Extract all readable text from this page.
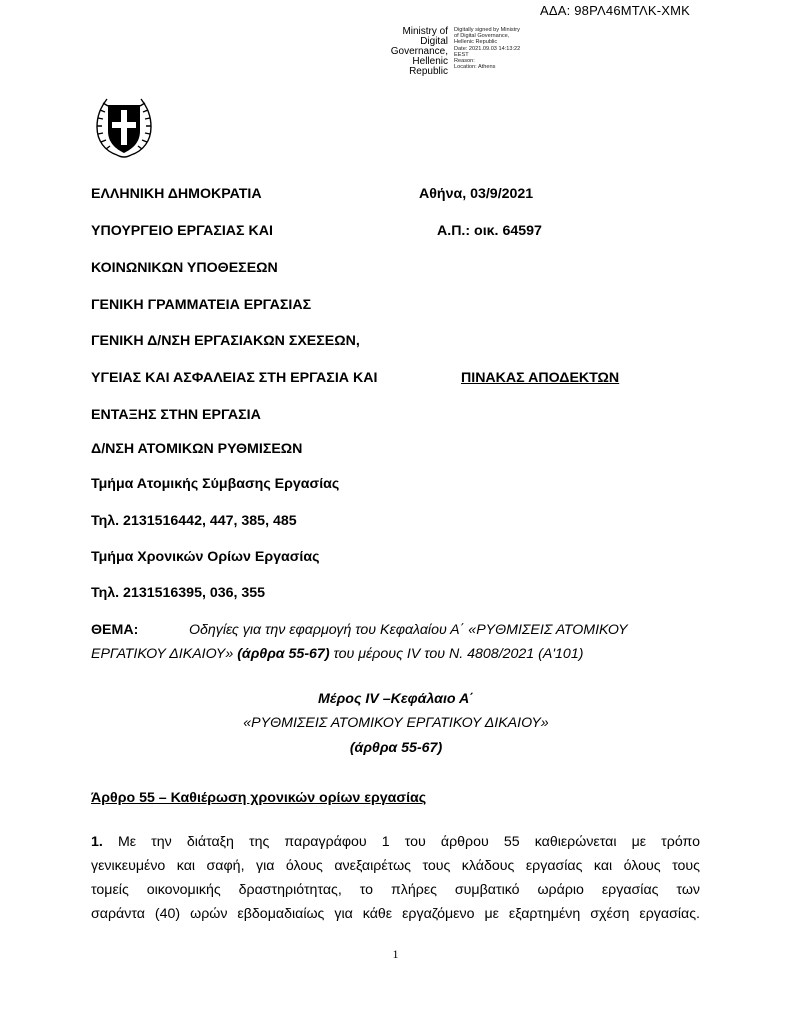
ΑΔΑ: 98ΡΛ46ΜΤΛΚ-ΧΜΚ
Ministry of Digital
Governance,
Hellenic Republic
Digitally signed by Ministry
of Digital Governance,
Hellenic Republic
Date: 2021.09.03 14:13:22
EEST
Reason:
Location: Athens
ΕΛΛΗΝΙΚΗ ΔΗΜΟΚΡΑΤΙΑ
ΥΠΟΥΡΓΕΙΟ ΕΡΓΑΣΙΑΣ ΚΑΙ
ΚΟΙΝΩΝΙΚΩΝ ΥΠΟΘΕΣΕΩΝ
ΓΕΝΙΚΗ ΓΡΑΜΜΑΤΕΙΑ ΕΡΓΑΣΙΑΣ
ΓΕΝΙΚΗ Δ/ΝΣΗ ΕΡΓΑΣΙΑΚΩΝ ΣΧΕΣΕΩΝ,
ΥΓΕΙΑΣ ΚΑΙ ΑΣΦΑΛΕΙΑΣ ΣΤΗ ΕΡΓΑΣΙΑ ΚΑΙ
ΕΝΤΑΞΗΣ ΣΤΗΝ ΕΡΓΑΣΙΑ
Δ/ΝΣΗ ΑΤΟΜΙΚΩΝ ΡΥΘΜΙΣΕΩΝ
Τμήμα Ατομικής Σύμβασης Εργασίας
Τηλ. 2131516442, 447, 385, 485
Τμήμα Χρονικών Ορίων Εργασίας
Τηλ. 2131516395, 036, 355
Αθήνα, 03/9/2021
Α.Π.: οικ. 64597
ΠΙΝΑΚΑΣ ΑΠΟΔΕΚΤΩΝ
ΘΕΜΑ:	Οδηγίες για την εφαρμογή του Κεφαλαίου Α΄ «ΡΥΘΜΙΣΕΙΣ ΑΤΟΜΙΚΟΥ
ΕΡΓΑΤΙΚΟΥ ΔΙΚΑΙΟΥ» (άρθρα 55-67) του μέρους IV του Ν. 4808/2021 (Α'101)
Μέρος IV –Κεφάλαιο Α΄
«ΡΥΘΜΙΣΕΙΣ ΑΤΟΜΙΚΟΥ ΕΡΓΑΤΙΚΟΥ ΔΙΚΑΙΟΥ»
(άρθρα 55-67)
Άρθρο 55 – Καθιέρωση χρονικών ορίων εργασίας
1. Με την διάταξη της παραγράφου 1 του άρθρου 55 καθιερώνεται με τρόπο
γενικευμένο και σαφή, για όλους ανεξαιρέτως τους κλάδους εργασίας και όλους τους
τομείς οικονομικής δραστηριότητας, το πλήρες συμβατικό ωράριο εργασίας των
σαράντα (40) ωρών εβδομαδιαίως για κάθε εργαζόμενο με εξαρτημένη σχέση εργασίας.
1
